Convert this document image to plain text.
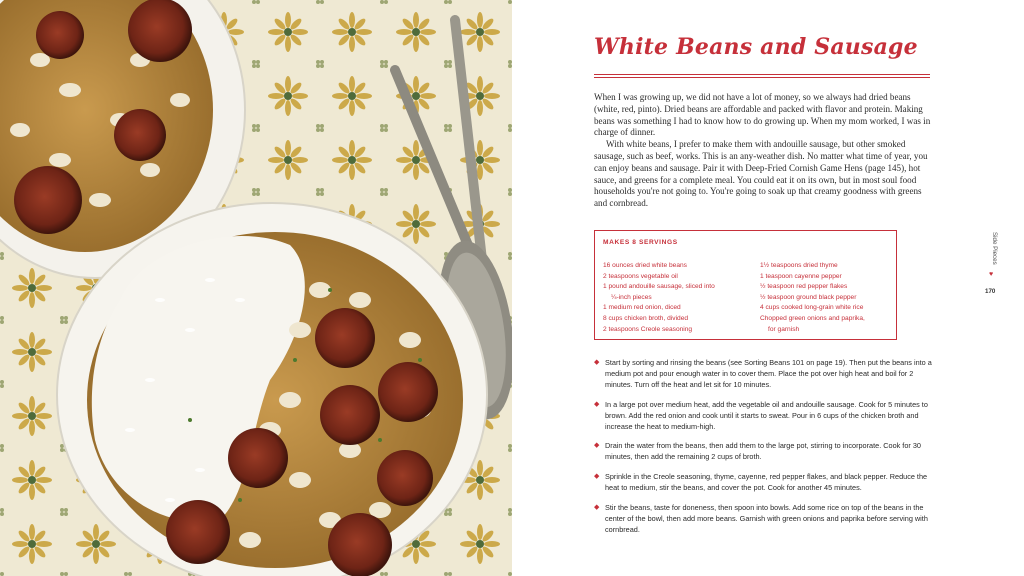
White Beans and Sausage

When I was growing up, we did not have a lot of money, so we always had dried beans (white, red, pinto). Dried beans are affordable and packed with flavor and protein. Making beans was something I had to know how to do growing up. When my mom worked, I was in charge of dinner.

With white beans, I prefer to make them with andouille sausage, but other smoked sausage, such as beef, works. This is an any-weather dish. No matter what time of year, you can enjoy beans and sausage. Pair it with Deep-Fried Cornish Game Hens (page 145), hot sauce, and greens for a complete meal. You could eat it on its own, but in most soul food households you're not going to. You're going to soak up that creamy goodness with greens and cornbread.

MAKES 8 SERVINGS
16 ounces dried white beans
2 teaspoons vegetable oil
1 pound andouille sausage, sliced into
¼-inch pieces
1 medium red onion, diced
8 cups chicken broth, divided
2 teaspoons Creole seasoning
1½ teaspoons dried thyme
1 teaspoon cayenne pepper
½ teaspoon red pepper flakes
½ teaspoon ground black pepper
4 cups cooked long-grain white rice
Chopped green onions and paprika,
for garnish
◆ Start by sorting and rinsing the beans (see Sorting Beans 101 on page 19). Then put the beans into a medium pot and pour enough water in to cover them. Place the pot over high heat and boil for 2 minutes. Turn off the heat and let sit for 10 minutes.
◆ In a large pot over medium heat, add the vegetable oil and andouille sausage. Cook for 5 minutes to brown. Add the red onion and cook until it starts to sweat. Pour in 6 cups of the chicken broth and increase the heat to medium-high.
◆ Drain the water from the beans, then add them to the large pot, stirring to incorporate. Cook for 30 minutes, then add the remaining 2 cups of broth.
◆ Sprinkle in the Creole seasoning, thyme, cayenne, red pepper flakes, and black pepper. Reduce the heat to medium, stir the beans, and cover the pot. Cook for another 45 minutes.
◆ Stir the beans, taste for doneness, then spoon into bowls. Add some rice on top of the beans in the center of the bowl, then add more beans. Garnish with green onions and paprika before serving with cornbread.
Side Pieces
♥
170
